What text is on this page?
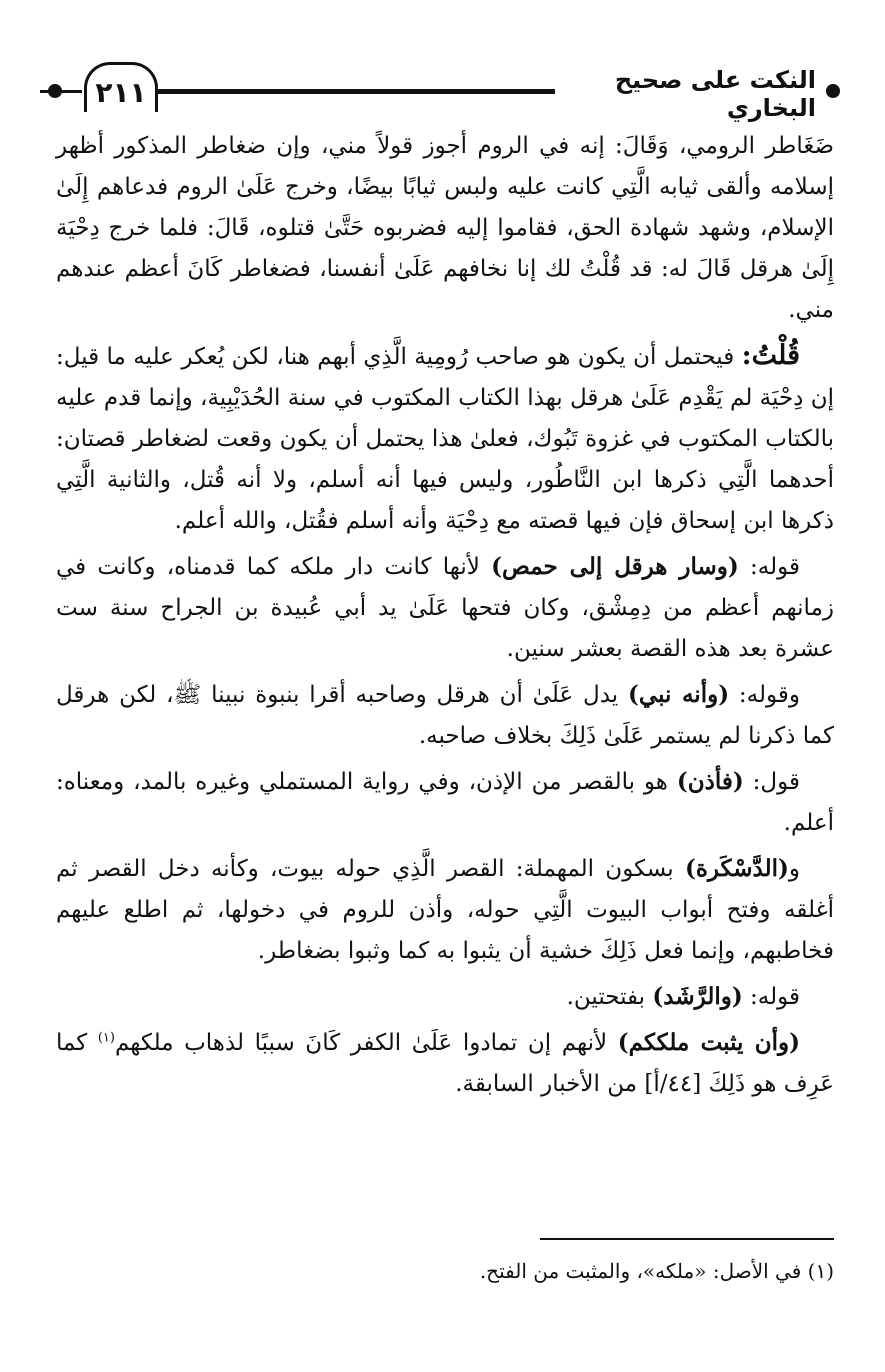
٢١١	النكت على صحيح البخاري

ضَغَاطر الرومي، وَقَالَ: إنه في الروم أجوز قولاً مني، وإن ضغاطر المذكور أظهر إسلامه وألقى ثيابه الَّتِي كانت عليه ولبس ثيابًا بيضًا، وخرج عَلَىٰ الروم فدعاهم إِلَىٰ الإسلام، وشهد شهادة الحق، فقاموا إليه فضربوه حَتَّىٰ قتلوه، قَالَ: فلما خرج دِحْيَة إِلَىٰ هرقل قَالَ له: قد قُلْتُ لك إنا نخافهم عَلَىٰ أنفسنا، فضغاطر كَانَ أعظم عندهم مني.

قُلْتُ: فيحتمل أن يكون هو صاحب رُومِية الَّذِي أبهم هنا، لكن يُعكر عليه ما قيل: إن دِحْيَة لم يَقْدِم عَلَىٰ هرقل بهذا الكتاب المكتوب في سنة الحُدَيْبِية، وإنما قدم عليه بالكتاب المكتوب في غزوة تَبُوك، فعلىٰ هذا يحتمل أن يكون وقعت لضغاطر قصتان: أحدهما الَّتِي ذكرها ابن النَّاطُور، وليس فيها أنه أسلم، ولا أنه قُتل، والثانية الَّتِي ذكرها ابن إسحاق فإن فيها قصته مع دِحْيَة وأنه أسلم فقُتل، والله أعلم.

قوله: (وسار هرقل إلى حمص) لأنها كانت دار ملكه كما قدمناه، وكانت في زمانهم أعظم من دِمِشْق، وكان فتحها عَلَىٰ يد أبي عُبيدة بن الجراح سنة ست عشرة بعد هذه القصة بعشر سنين.

وقوله: (وأنه نبي) يدل عَلَىٰ أن هرقل وصاحبه أقرا بنبوة نبينا ﷺ، لكن هرقل كما ذكرنا لم يستمر عَلَىٰ ذَلِكَ بخلاف صاحبه.

قول: (فأذن) هو بالقصر من الإذن، وفي رواية المستملي وغيره بالمد، ومعناه: أعلم.

و(الدَّسْكَرة) بسكون المهملة: القصر الَّذِي حوله بيوت، وكأنه دخل القصر ثم أغلقه وفتح أبواب البيوت الَّتِي حوله، وأذن للروم في دخولها، ثم اطلع عليهم فخاطبهم، وإنما فعل ذَلِكَ خشية أن يثبوا به كما وثبوا بضغاطر.

قوله: (والرَّشَد) بفتحتين.

(وأن يثبت ملككم) لأنهم إن تمادوا عَلَىٰ الكفر كَانَ سببًا لذهاب ملكهم$^{(١)}$ كما عَرِف هو ذَلِكَ [٤٤/أ] من الأخبار السابقة.

(١) في الأصل: «ملكه»، والمثبت من الفتح.
